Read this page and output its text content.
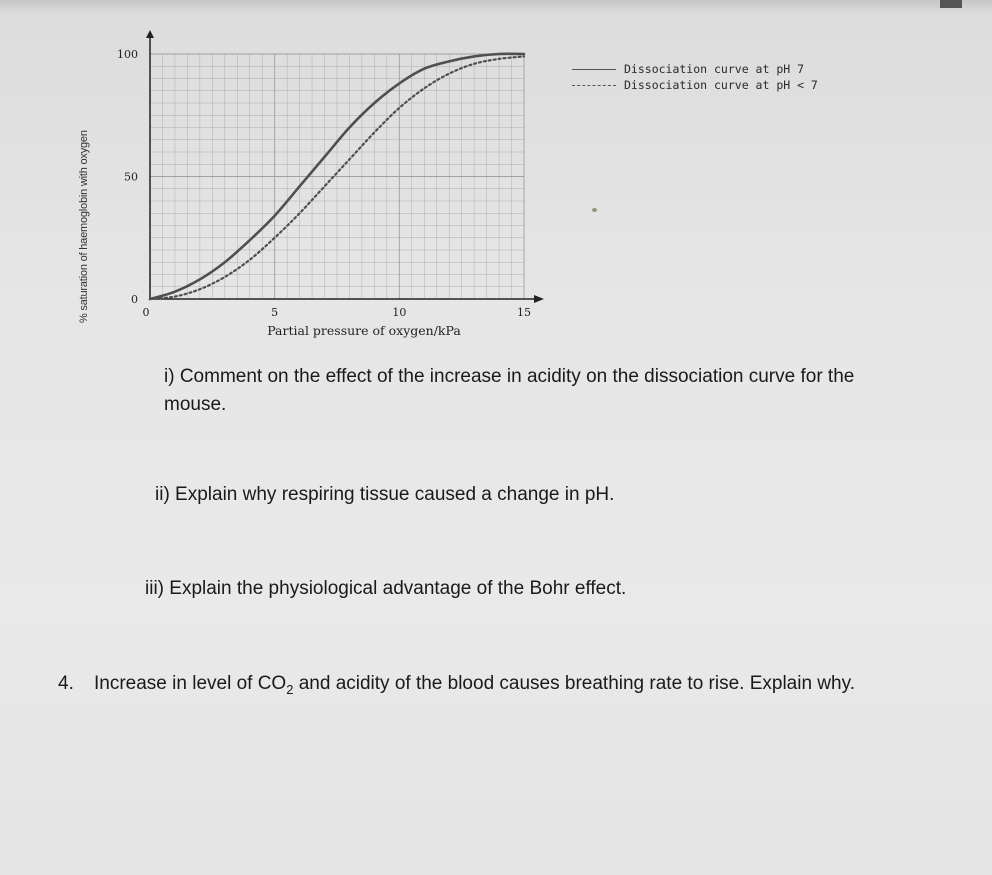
0
50
100
0	5	10	15
Partial pressure of oxygen/kPa
% saturation of haemoglobin with oxygen
Dissociation curve at pH 7
Dissociation curve at pH < 7
i) Comment on the effect of the increase in acidity on the dissociation curve for the mouse.
ii) Explain why respiring tissue caused a change in pH.
iii) Explain the physiological advantage of the Bohr effect.
4.	Increase in level of $CO_2$ and acidity of the blood causes breathing rate to rise. Explain why.
